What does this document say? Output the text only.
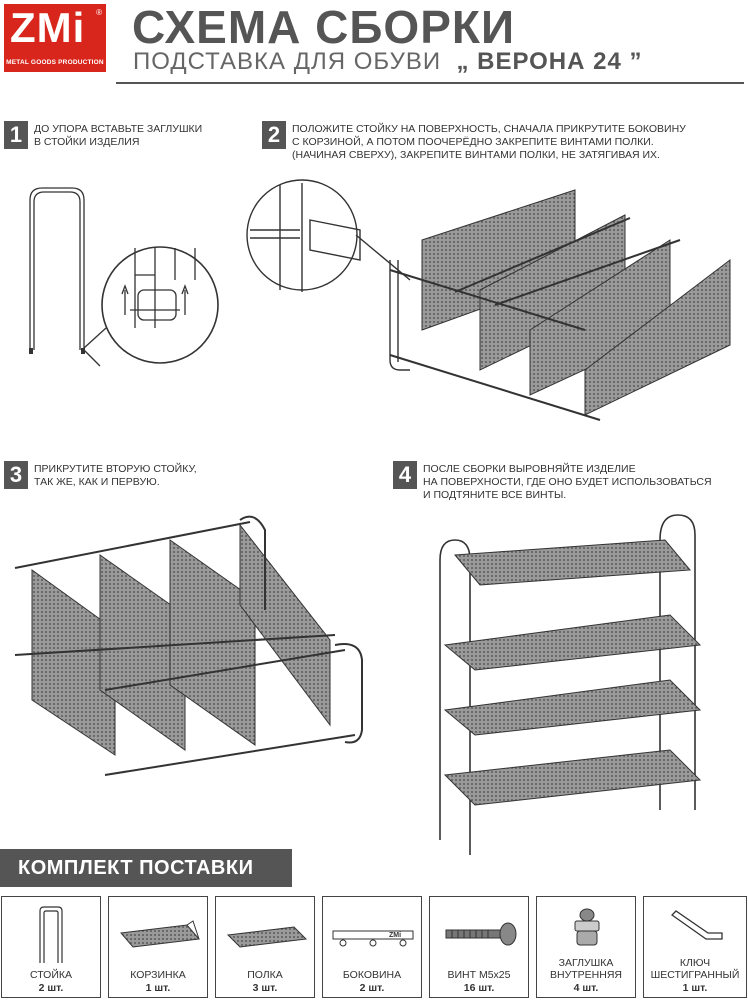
ZMi ®
METAL GOODS PRODUCTION
СХЕМА СБОРКИ
ПОДСТАВКА ДЛЯ ОБУВИ „ ВЕРОНА 24 ”
1	ДО УПОРА ВСТАВЬТЕ ЗАГЛУШКИ
В СТОЙКИ ИЗДЕЛИЯ	2	ПОЛОЖИТЕ СТОЙКУ НА ПОВЕРХНОСТЬ, СНАЧАЛА ПРИКРУТИТЕ БОКОВИНУ
С КОРЗИНОЙ, А ПОТОМ ПООЧЕРЁДНО ЗАКРЕПИТЕ ВИНТАМИ ПОЛКИ.
(НАЧИНАЯ СВЕРХУ), ЗАКРЕПИТЕ ВИНТАМИ ПОЛКИ, НЕ ЗАТЯГИВАЯ ИХ.
3	ПРИКРУТИТЕ ВТОРУЮ СТОЙКУ,
ТАК ЖЕ, КАК И ПЕРВУЮ.	4	ПОСЛЕ СБОРКИ ВЫРОВНЯЙТЕ ИЗДЕЛИЕ
НА ПОВЕРХНОСТИ, ГДЕ ОНО БУДЕТ ИСПОЛЬЗОВАТЬСЯ
И ПОДТЯНИТЕ ВСЕ ВИНТЫ.
КОМПЛЕКТ ПОСТАВКИ
СТОЙКА
2 шт.
КОРЗИНКА
1 шт.
ПОЛКА
3 шт.
ZMi
БОКОВИНА
2 шт.
ВИНТ М5х25
16 шт.
ЗАГЛУШКА
ВНУТРЕННЯЯ
4 шт.
КЛЮЧ
ШЕСТИГРАННЫЙ
1 шт.
